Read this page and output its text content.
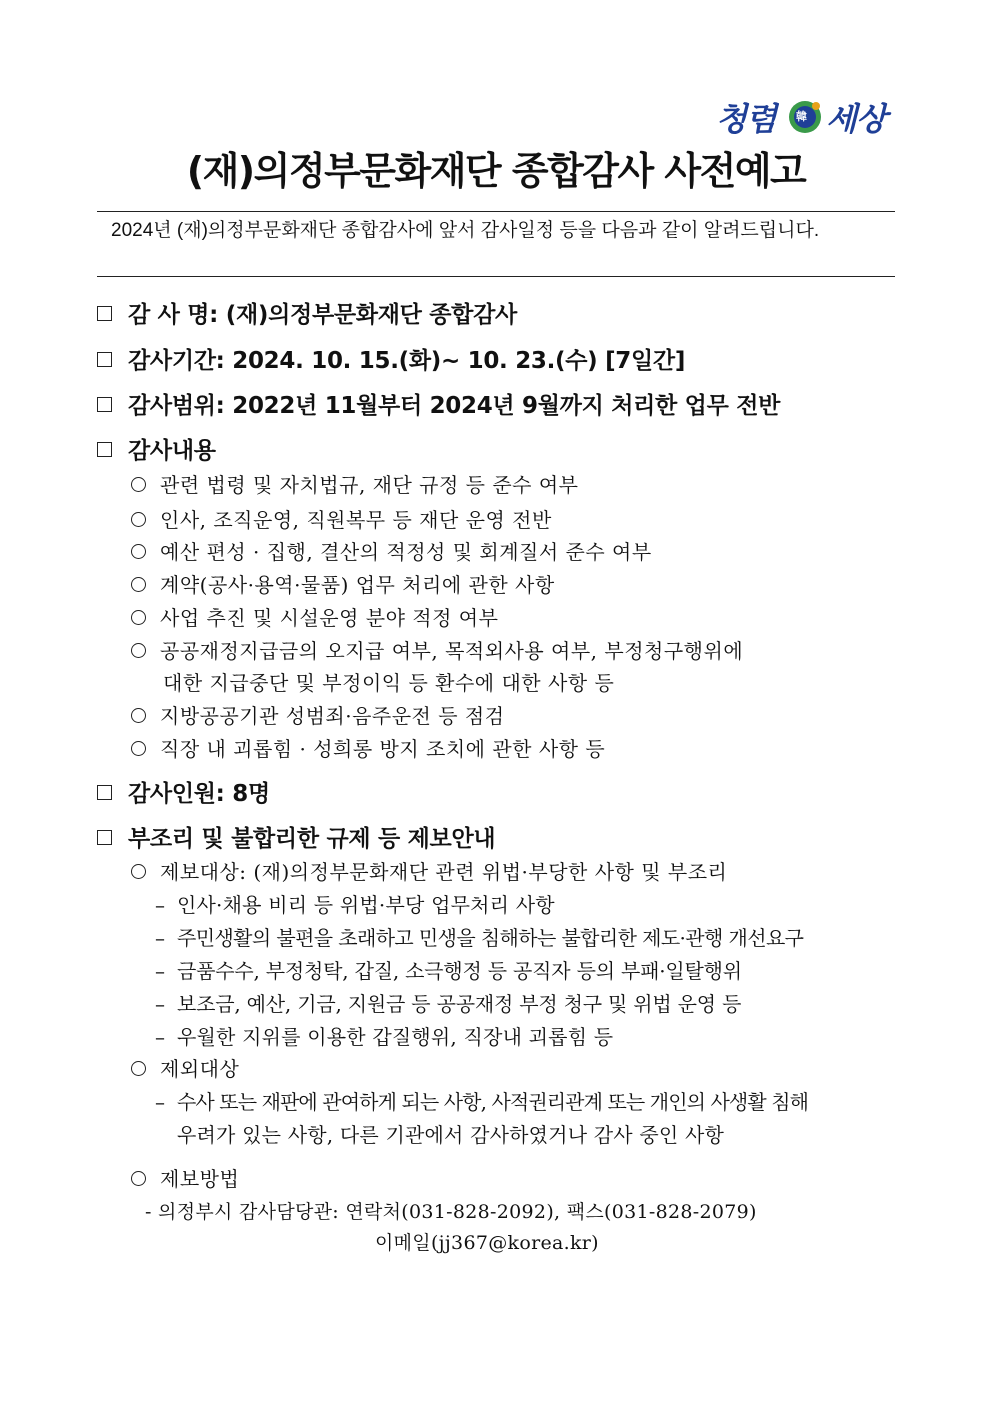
청렴 韓 세상
(재)의정부문화재단 종합감사 사전예고
2024년 (재)의정부문화재단 종합감사에 앞서 감사일정 등을 다음과 같이 알려드립니다.
감 사 명: (재)의정부문화재단 종합감사
감사기간: 2024. 10. 15.(화)~ 10. 23.(수) [7일간]
감사범위: 2022년 11월부터 2024년 9월까지 처리한 업무 전반
감사내용
관련 법령 및 자치법규, 재단 규정 등 준수 여부
인사, 조직운영, 직원복무 등 재단 운영 전반
예산 편성 · 집행, 결산의 적정성 및 회계질서 준수 여부
계약(공사·용역·물품) 업무 처리에 관한 사항
사업 추진 및 시설운영 분야 적정 여부
공공재정지급금의 오지급 여부, 목적외사용 여부, 부정청구행위에
대한 지급중단 및 부정이익 등 환수에 대한 사항 등
지방공공기관 성범죄·음주운전 등 점검
직장 내 괴롭힘 · 성희롱 방지 조치에 관한 사항 등
감사인원: 8명
부조리 및 불합리한 규제 등 제보안내
제보대상: (재)의정부문화재단 관련 위법·부당한 사항 및 부조리
– 인사·채용 비리 등 위법·부당 업무처리 사항
– 주민생활의 불편을 초래하고 민생을 침해하는 불합리한 제도·관행 개선요구
– 금품수수, 부정청탁, 갑질, 소극행정 등 공직자 등의 부패·일탈행위
– 보조금, 예산, 기금, 지원금 등 공공재정 부정 청구 및 위법 운영 등
– 우월한 지위를 이용한 갑질행위, 직장내 괴롭힘 등
제외대상
– 수사 또는 재판에 관여하게 되는 사항, 사적권리관계 또는 개인의 사생활 침해
우려가 있는 사항, 다른 기관에서 감사하였거나 감사 중인 사항
제보방법
- 의정부시 감사담당관: 연락처(031-828-2092), 팩스(031-828-2079)
이메일(jj367@korea.kr)
